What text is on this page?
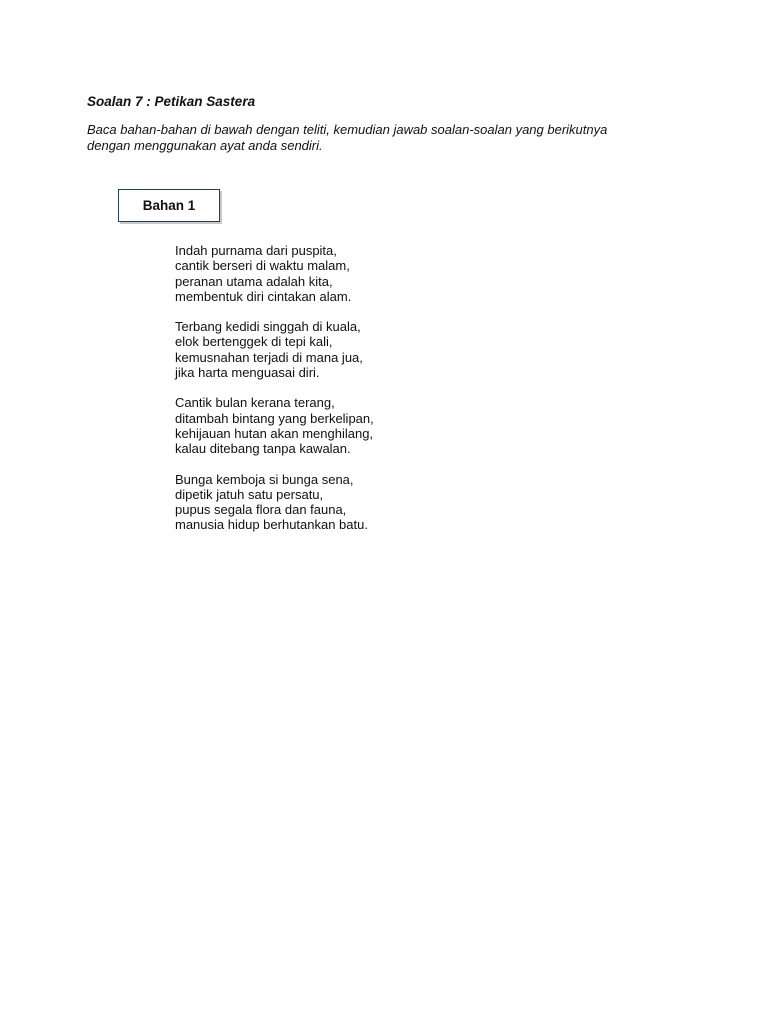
Soalan 7 : Petikan Sastera
Baca bahan-bahan di bawah dengan teliti, kemudian jawab soalan-soalan yang berikutnya
dengan menggunakan ayat anda sendiri.
Bahan 1
Indah purnama dari puspita,
cantik berseri di waktu malam,
peranan utama adalah kita,
membentuk diri cintakan alam.
Terbang kedidi singgah di kuala,
elok bertenggek di tepi kali,
kemusnahan terjadi di mana jua,
jika harta menguasai diri.
Cantik bulan kerana terang,
ditambah bintang yang berkelipan,
kehijauan hutan akan menghilang,
kalau ditebang tanpa kawalan.
Bunga kemboja si bunga sena,
dipetik jatuh satu persatu,
pupus segala flora dan fauna,
manusia hidup berhutankan batu.
